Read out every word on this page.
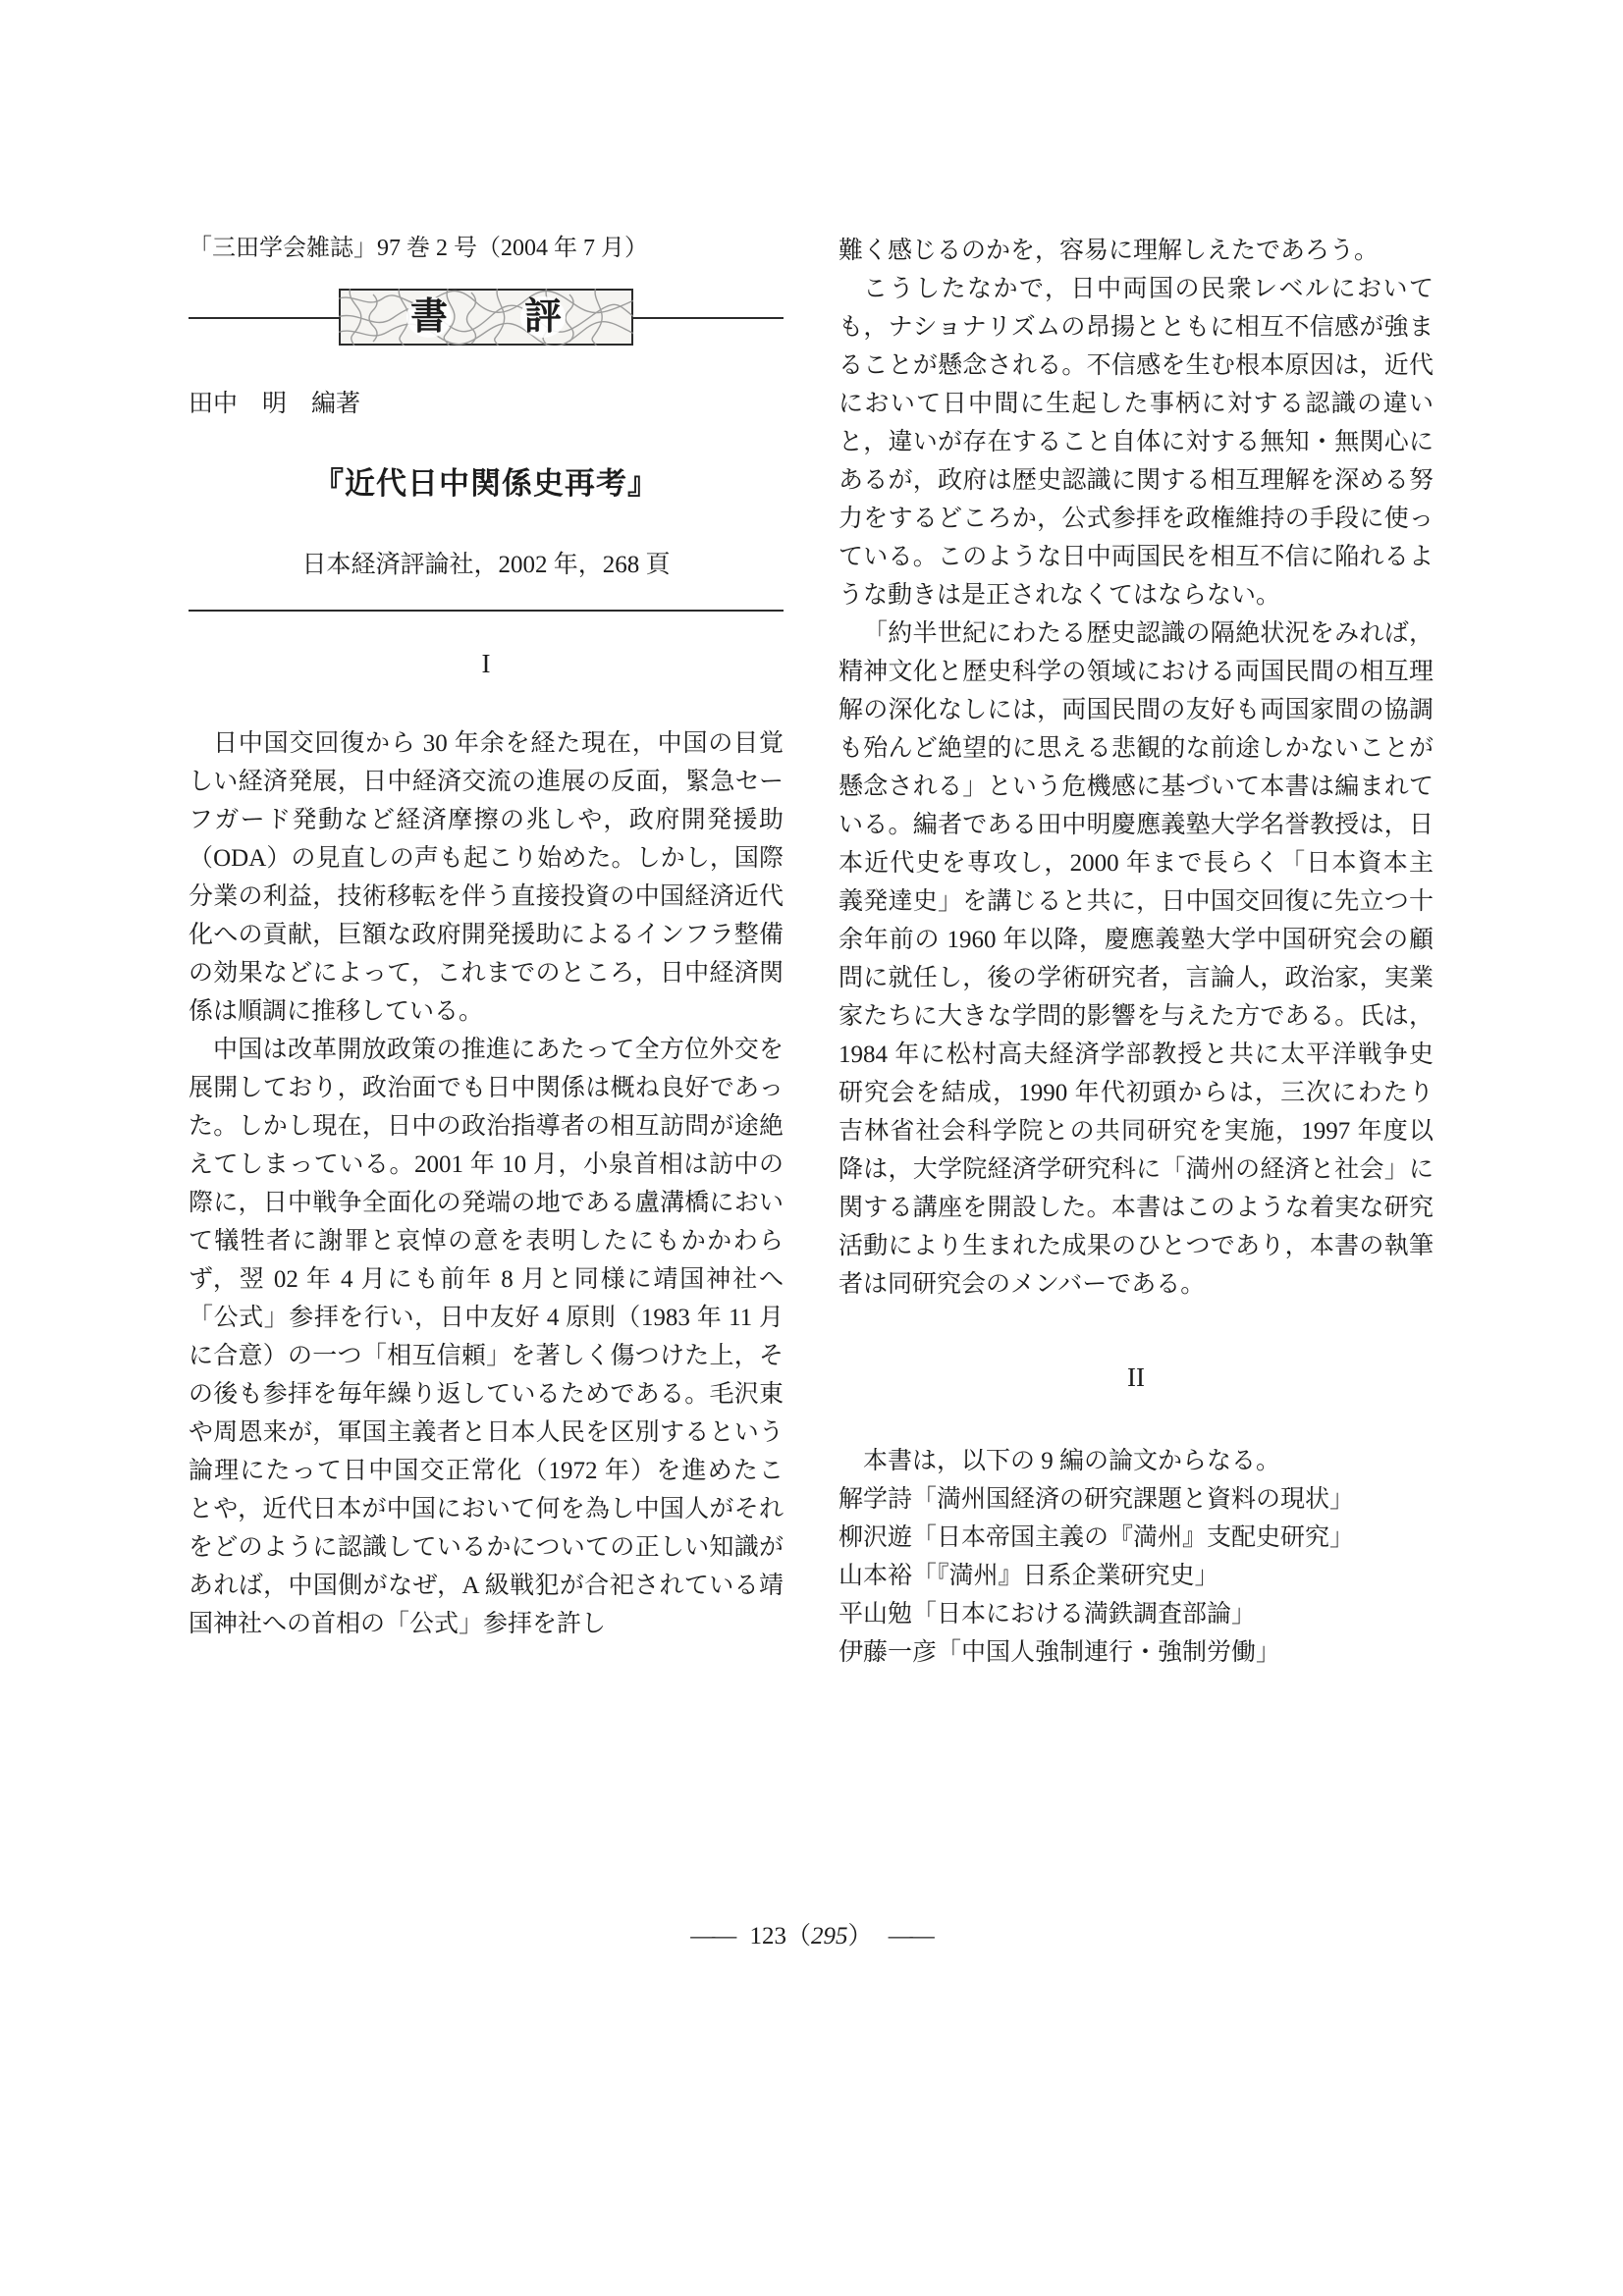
「三田学会雑誌」97 巻 2 号（2004 年 7 月）
書 評
田中　明　編著
『近代日中関係史再考』
日本経済評論社，2002 年，268 頁
I

日中国交回復から 30 年余を経た現在，中国の目覚しい経済発展，日中経済交流の進展の反面，緊急セーフガード発動など経済摩擦の兆しや，政府開発援助（ODA）の見直しの声も起こり始めた。しかし，国際分業の利益，技術移転を伴う直接投資の中国経済近代化への貢献，巨額な政府開発援助によるインフラ整備の効果などによって，これまでのところ，日中経済関係は順調に推移している。

中国は改革開放政策の推進にあたって全方位外交を展開しており，政治面でも日中関係は概ね良好であった。しかし現在，日中の政治指導者の相互訪問が途絶えてしまっている。2001 年 10 月，小泉首相は訪中の際に，日中戦争全面化の発端の地である盧溝橋において犠牲者に謝罪と哀悼の意を表明したにもかかわらず，翌 02 年 4 月にも前年 8 月と同様に靖国神社へ「公式」参拝を行い，日中友好 4 原則（1983 年 11 月に合意）の一つ「相互信頼」を著しく傷つけた上，その後も参拝を毎年繰り返しているためである。毛沢東や周恩来が，軍国主義者と日本人民を区別するという論理にたって日中国交正常化（1972 年）を進めたことや，近代日本が中国において何を為し中国人がそれをどのように認識しているかについての正しい知識があれば，中国側がなぜ，A 級戦犯が合祀されている靖国神社への首相の「公式」参拝を許し

難く感じるのかを，容易に理解しえたであろう。

こうしたなかで，日中両国の民衆レベルにおいても，ナショナリズムの昂揚とともに相互不信感が強まることが懸念される。不信感を生む根本原因は，近代において日中間に生起した事柄に対する認識の違いと，違いが存在すること自体に対する無知・無関心にあるが，政府は歴史認識に関する相互理解を深める努力をするどころか，公式参拝を政権維持の手段に使っている。このような日中両国民を相互不信に陥れるような動きは是正されなくてはならない。

「約半世紀にわたる歴史認識の隔絶状況をみれば，精神文化と歴史科学の領域における両国民間の相互理解の深化なしには，両国民間の友好も両国家間の協調も殆んど絶望的に思える悲観的な前途しかないことが懸念される」という危機感に基づいて本書は編まれている。編者である田中明慶應義塾大学名誉教授は，日本近代史を専攻し，2000 年まで長らく「日本資本主義発達史」を講じると共に，日中国交回復に先立つ十余年前の 1960 年以降，慶應義塾大学中国研究会の顧問に就任し，後の学術研究者，言論人，政治家，実業家たちに大きな学問的影響を与えた方である。氏は，1984 年に松村高夫経済学部教授と共に太平洋戦争史研究会を結成，1990 年代初頭からは，三次にわたり吉林省社会科学院との共同研究を実施，1997 年度以降は，大学院経済学研究科に「満州の経済と社会」に関する講座を開設した。本書はこのような着実な研究活動により生まれた成果のひとつであり，本書の執筆者は同研究会のメンバーである。

II

本書は，以下の 9 編の論文からなる。

解学詩「満州国経済の研究課題と資料の現状」
柳沢遊「日本帝国主義の『満州』支配史研究」
山本裕「『満州』日系企業研究史」
平山勉「日本における満鉄調査部論」
伊藤一彦「中国人強制連行・強制労働」
—— 123（295） ——
